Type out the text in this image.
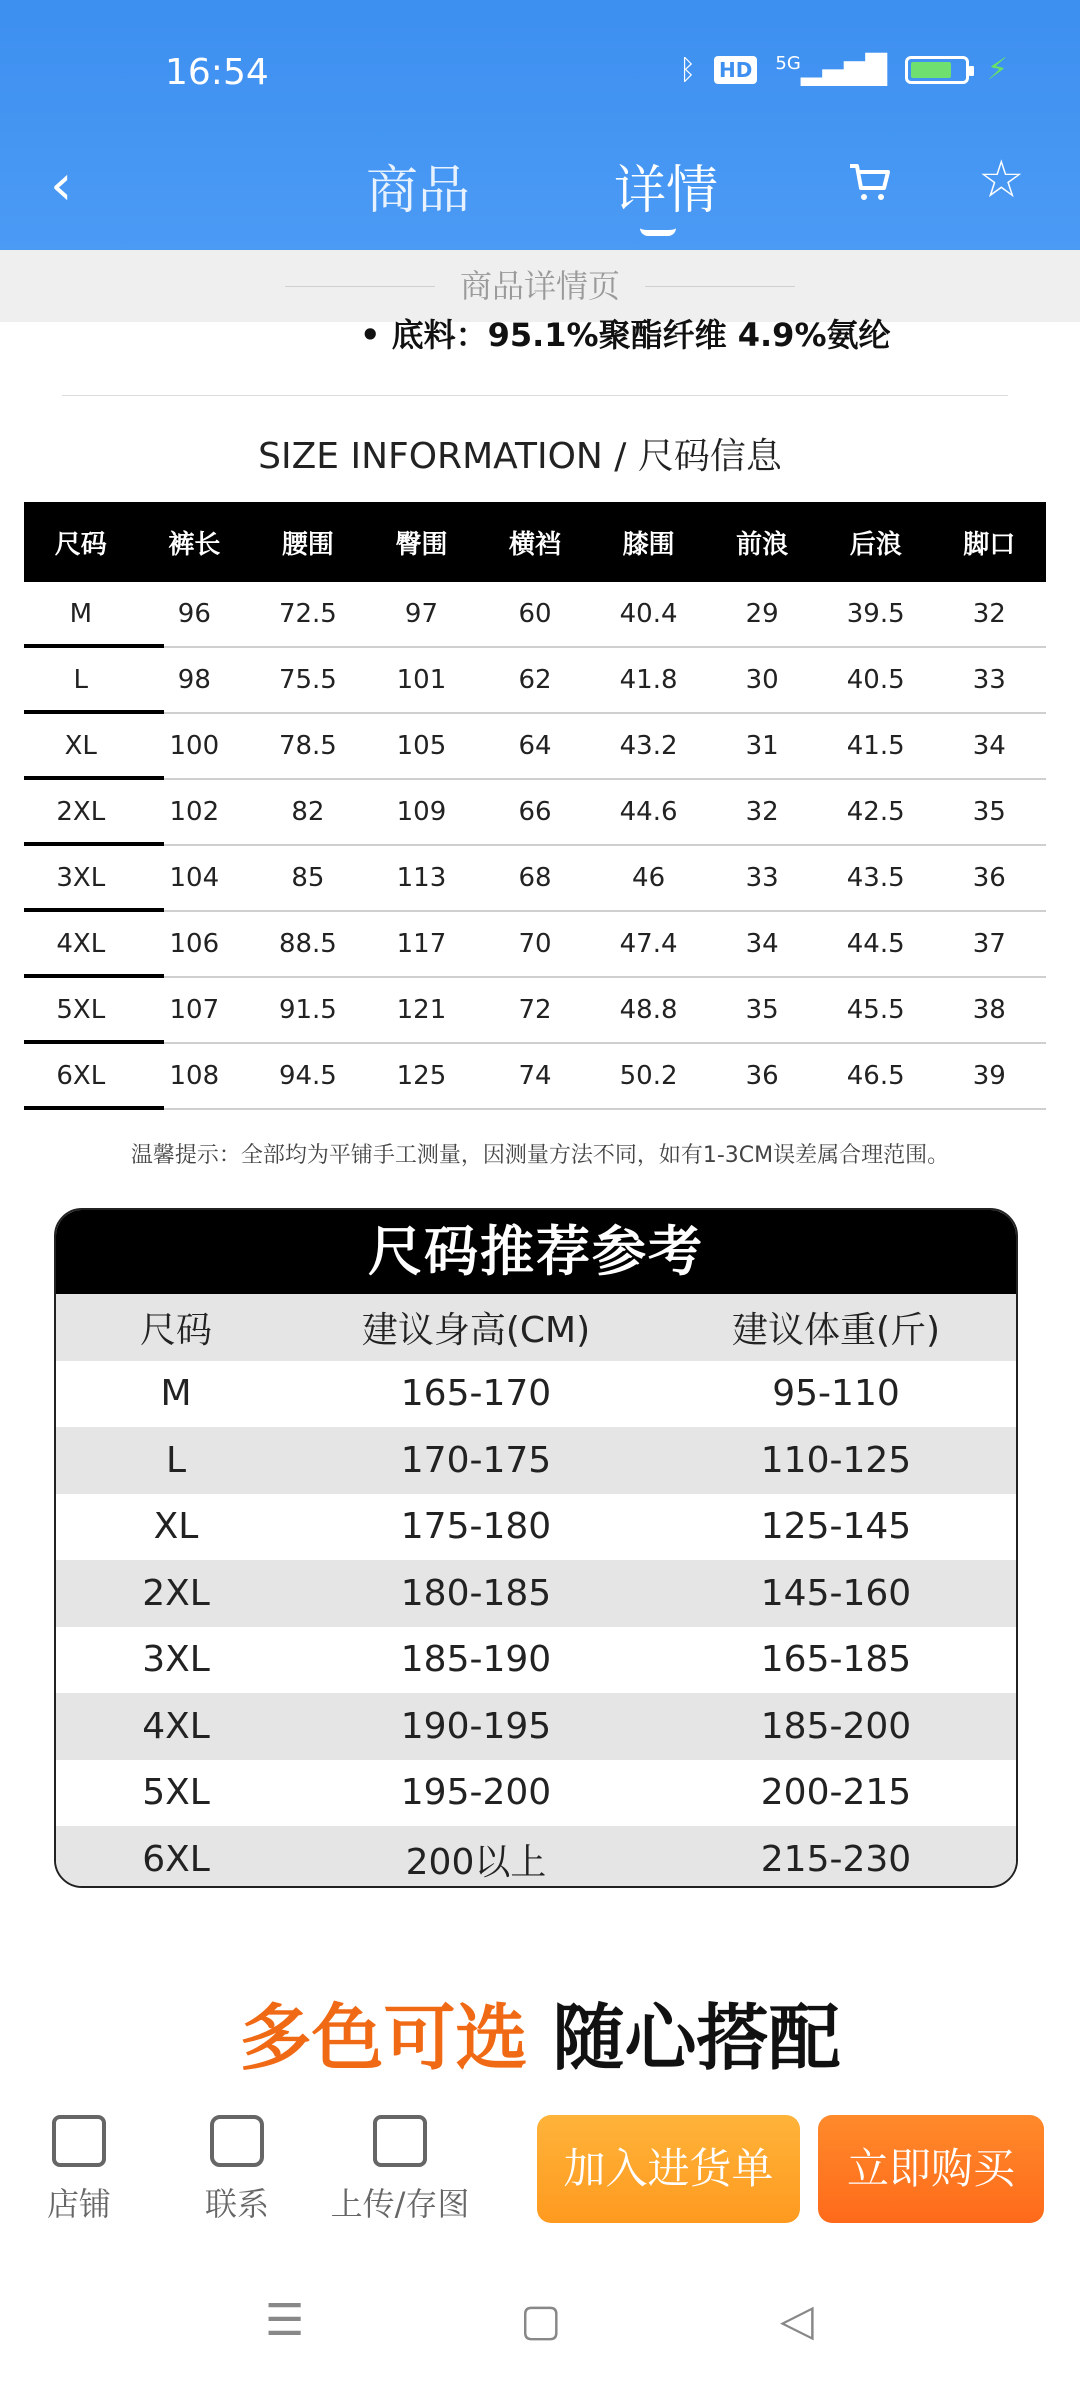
16:54	ᛒ HD $^{5G}$▂▄▆█	⚡
‹	商品	详情	☆
商品详情页
• 底料：95.1%聚酯纤维 4.9%氨纶
SIZE INFORMATION / 尺码信息
尺码	裤长	腰围	臀围	横裆	膝围	前浪	后浪	脚口
M	96	72.5	97	60	40.4	29	39.5	32
L	98	75.5	101	62	41.8	30	40.5	33
XL	100	78.5	105	64	43.2	31	41.5	34
2XL	102	82	109	66	44.6	32	42.5	35
3XL	104	85	113	68	46	33	43.5	36
4XL	106	88.5	117	70	47.4	34	44.5	37
5XL	107	91.5	121	72	48.8	35	45.5	38
6XL	108	94.5	125	74	50.2	36	46.5	39
温馨提示：全部均为平铺手工测量，因测量方法不同，如有1-3CM误差属合理范围。
尺码推荐参考
尺码	建议身高(CM)	建议体重(斤)
M	165-170	95-110
L	170-175	110-125
XL	175-180	125-145
2XL	180-185	145-160
3XL	185-190	165-185
4XL	190-195	185-200
5XL	195-200	200-215
6XL	200以上	215-230
多色可选 随心搭配
店铺	联系 上传/存图
加入进货单	立即购买
☰	▢	◁
